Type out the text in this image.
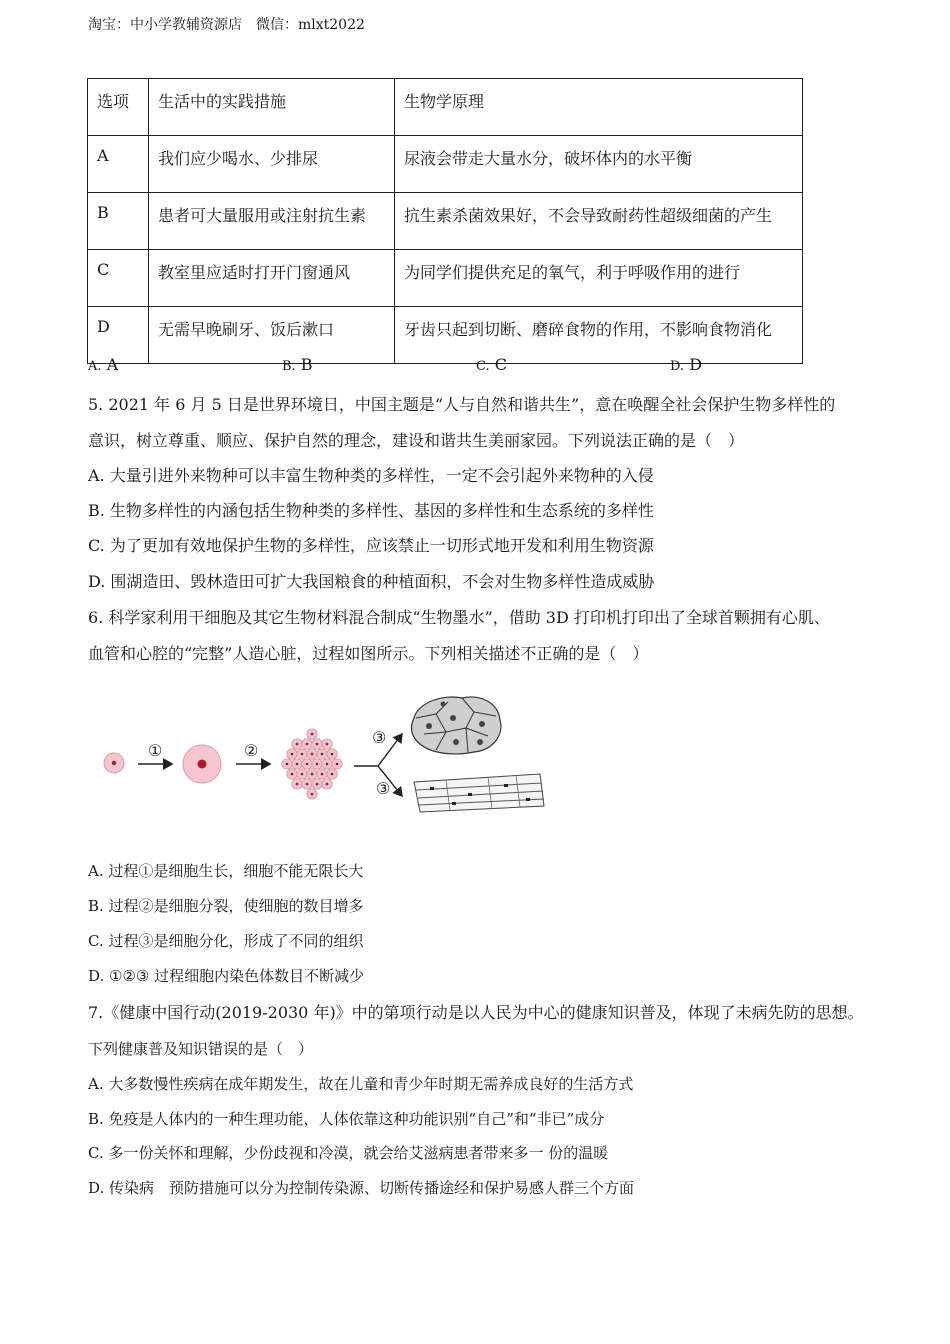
淘宝：中小学教辅资源店　微信：mlxt2022
选项	生活中的实践措施	生物学原理
A	我们应少喝水、少排尿	尿液会带走大量水分，破坏体内的水平衡
B	患者可大量服用或注射抗生素	抗生素杀菌效果好，不会导致耐药性超级细菌的产生
C	教室里应适时打开门窗通风	为同学们提供充足的氧气，利于呼吸作用的进行
D	无需早晚刷牙、饭后漱口	牙齿只起到切断、磨碎食物的作用，不影响食物消化
A. A	B. B	C. C	D. D
5. 2021 年 6 月 5 日是世界环境日，中国主题是“人与自然和谐共生”，意在唤醒全社会保护生物多样性的
意识，树立尊重、顺应、保护自然的理念，建设和谐共生美丽家园。下列说法正确的是（　）
A. 大量引进外来物种可以丰富生物种类的多样性，一定不会引起外来物种的入侵
B. 生物多样性的内涵包括生物种类的多样性、基因的多样性和生态系统的多样性
C. 为了更加有效地保护生物的多样性，应该禁止一切形式地开发和利用生物资源
D. 围湖造田、毁林造田可扩大我国粮食的种植面积，不会对生物多样性造成威胁
6. 科学家利用干细胞及其它生物材料混合制成“生物墨水”，借助 3D 打印机打印出了全球首颗拥有心肌、
血管和心腔的“完整”人造心脏，过程如图所示。下列相关描述不正确的是（　）
①	②
③
③
A. 过程①是细胞生长，细胞不能无限长大
B. 过程②是细胞分裂，使细胞的数目增多
C. 过程③是细胞分化，形成了不同的组织
D. ①②③ 过程细胞内染色体数目不断减少
7.《健康中国行动(2019-2030 年)》中的第项行动是以人民为中心的健康知识普及，体现了未病先防的思想。
下列健康普及知识错误的是（　）
A. 大多数慢性疾病在成年期发生，故在儿童和青少年时期无需养成良好的生活方式
B. 免疫是人体内的一种生理功能，人体依靠这种功能识别“自己”和“非已”成分
C. 多一份关怀和理解，少份歧视和冷漠，就会给艾滋病患者带来多一 份的温暖
D. 传染病　预防措施可以分为控制传染源、切断传播途经和保护易感人群三个方面
